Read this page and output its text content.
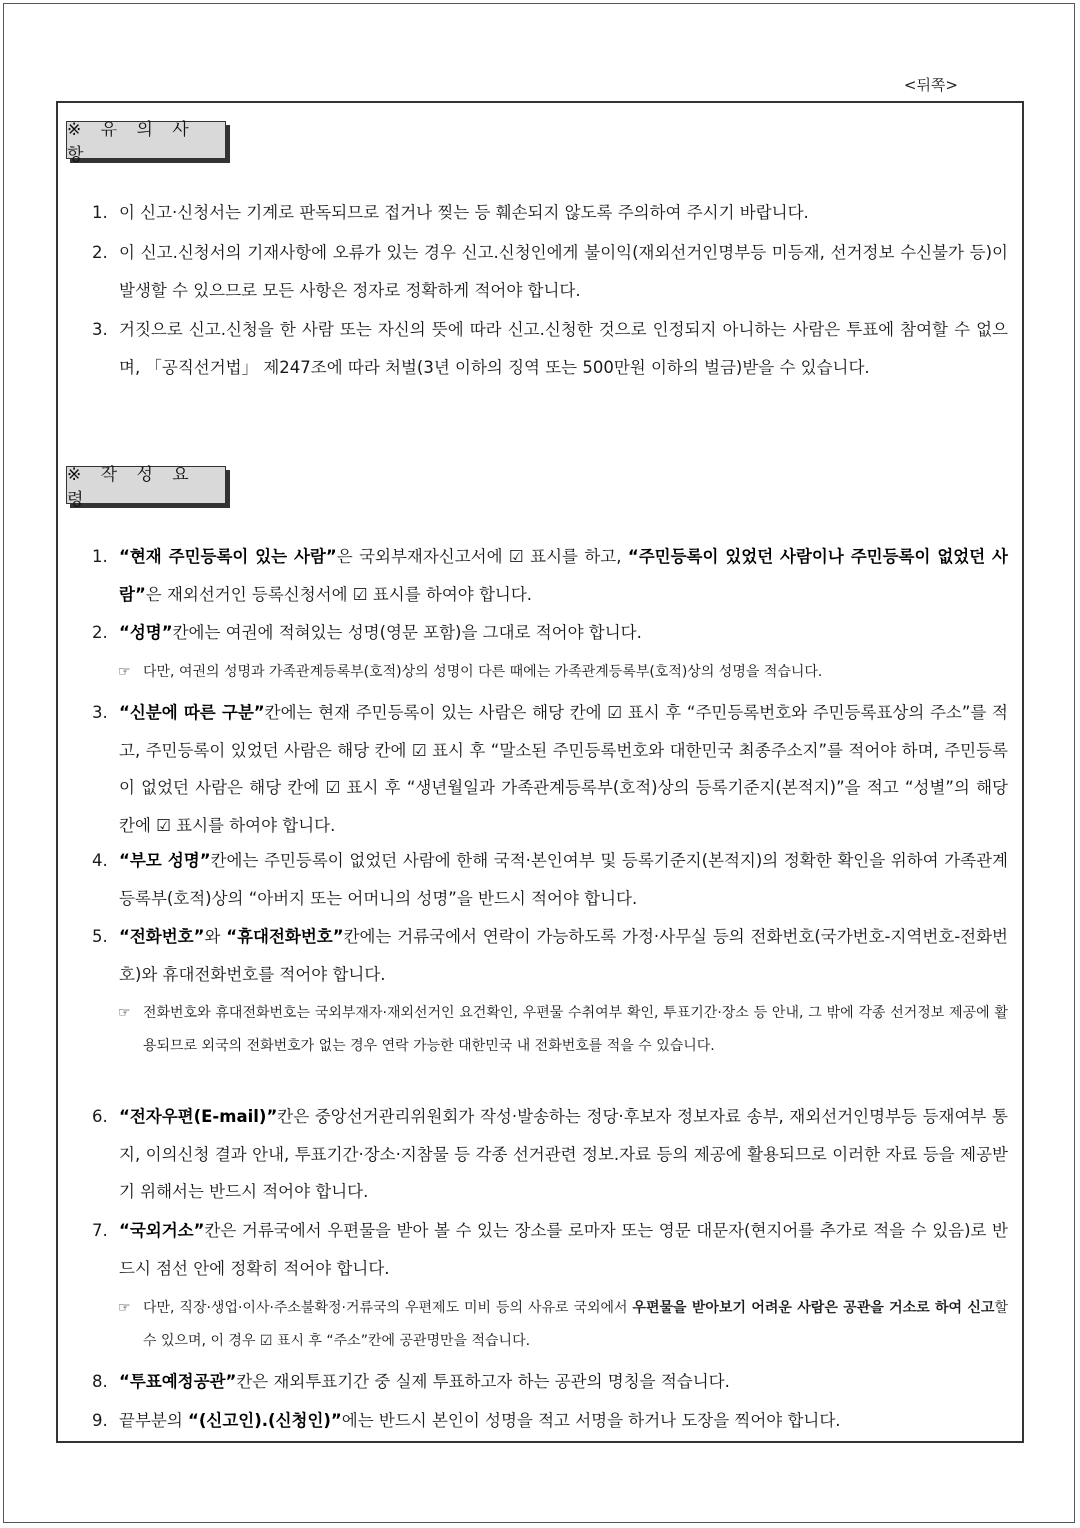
<뒤쪽>
※ 유 의 사 항
1. 이 신고·신청서는 기계로 판독되므로 접거나 찢는 등 훼손되지 않도록 주의하여 주시기 바랍니다.
2. 이 신고.신청서의 기재사항에 오류가 있는 경우 신고.신청인에게 불이익(재외선거인명부등 미등재, 선거정보 수신불가 등)이 발생할 수 있으므로 모든 사항은 정자로 정확하게 적어야 합니다.
3. 거짓으로 신고.신청을 한 사람 또는 자신의 뜻에 따라 신고.신청한 것으로 인정되지 아니하는 사람은 투표에 참여할 수 없으며, 「공직선거법」 제247조에 따라 처벌(3년 이하의 징역 또는 500만원 이하의 벌금)받을 수 있습니다.
※ 작 성 요 령
1. “현재 주민등록이 있는 사람”은 국외부재자신고서에 ☑ 표시를 하고, “주민등록이 있었던 사람이나 주민등록이 없었던 사람”은 재외선거인 등록신청서에 ☑ 표시를 하여야 합니다.
2. “성명”칸에는 여권에 적혀있는 성명(영문 포함)을 그대로 적어야 합니다.
☞ 다만, 여권의 성명과 가족관계등록부(호적)상의 성명이 다른 때에는 가족관계등록부(호적)상의 성명을 적습니다.
3. “신분에 따른 구분”칸에는 현재 주민등록이 있는 사람은 해당 칸에 ☑ 표시 후 “주민등록번호와 주민등록표상의 주소”를 적고, 주민등록이 있었던 사람은 해당 칸에 ☑ 표시 후 “말소된 주민등록번호와 대한민국 최종주소지”를 적어야 하며, 주민등록이 없었던 사람은 해당 칸에 ☑ 표시 후 “생년월일과 가족관계등록부(호적)상의 등록기준지(본적지)”을 적고 “성별”의 해당 칸에 ☑ 표시를 하여야 합니다.
4. “부모 성명”칸에는 주민등록이 없었던 사람에 한해 국적·본인여부 및 등록기준지(본적지)의 정확한 확인을 위하여 가족관계등록부(호적)상의 “아버지 또는 어머니의 성명”을 반드시 적어야 합니다.
5. “전화번호”와 “휴대전화번호”칸에는 거류국에서 연락이 가능하도록 가정·사무실 등의 전화번호(국가번호-지역번호-전화번호)와 휴대전화번호를 적어야 합니다.
☞ 전화번호와 휴대전화번호는 국외부재자·재외선거인 요건확인, 우편물 수취여부 확인, 투표기간·장소 등 안내, 그 밖에 각종 선거정보 제공에 활용되므로 외국의 전화번호가 없는 경우 연락 가능한 대한민국 내 전화번호를 적을 수 있습니다.
6. “전자우편(E-mail)”칸은 중앙선거관리위원회가 작성·발송하는 정당·후보자 정보자료 송부, 재외선거인명부등 등재여부 통지, 이의신청 결과 안내, 투표기간·장소·지참물 등 각종 선거관련 정보.자료 등의 제공에 활용되므로 이러한 자료 등을 제공받기 위해서는 반드시 적어야 합니다.
7. “국외거소”칸은 거류국에서 우편물을 받아 볼 수 있는 장소를 로마자 또는 영문 대문자(현지어를 추가로 적을 수 있음)로 반드시 점선 안에 정확히 적어야 합니다.
☞ 다만, 직장·생업·이사·주소불확정·거류국의 우편제도 미비 등의 사유로 국외에서 우편물을 받아보기 어려운 사람은 공관을 거소로 하여 신고할 수 있으며, 이 경우 ☑ 표시 후 “주소”칸에 공관명만을 적습니다.
8. “투표예정공관”칸은 재외투표기간 중 실제 투표하고자 하는 공관의 명칭을 적습니다.
9. 끝부분의 “(신고인).(신청인)”에는 반드시 본인이 성명을 적고 서명을 하거나 도장을 찍어야 합니다.
